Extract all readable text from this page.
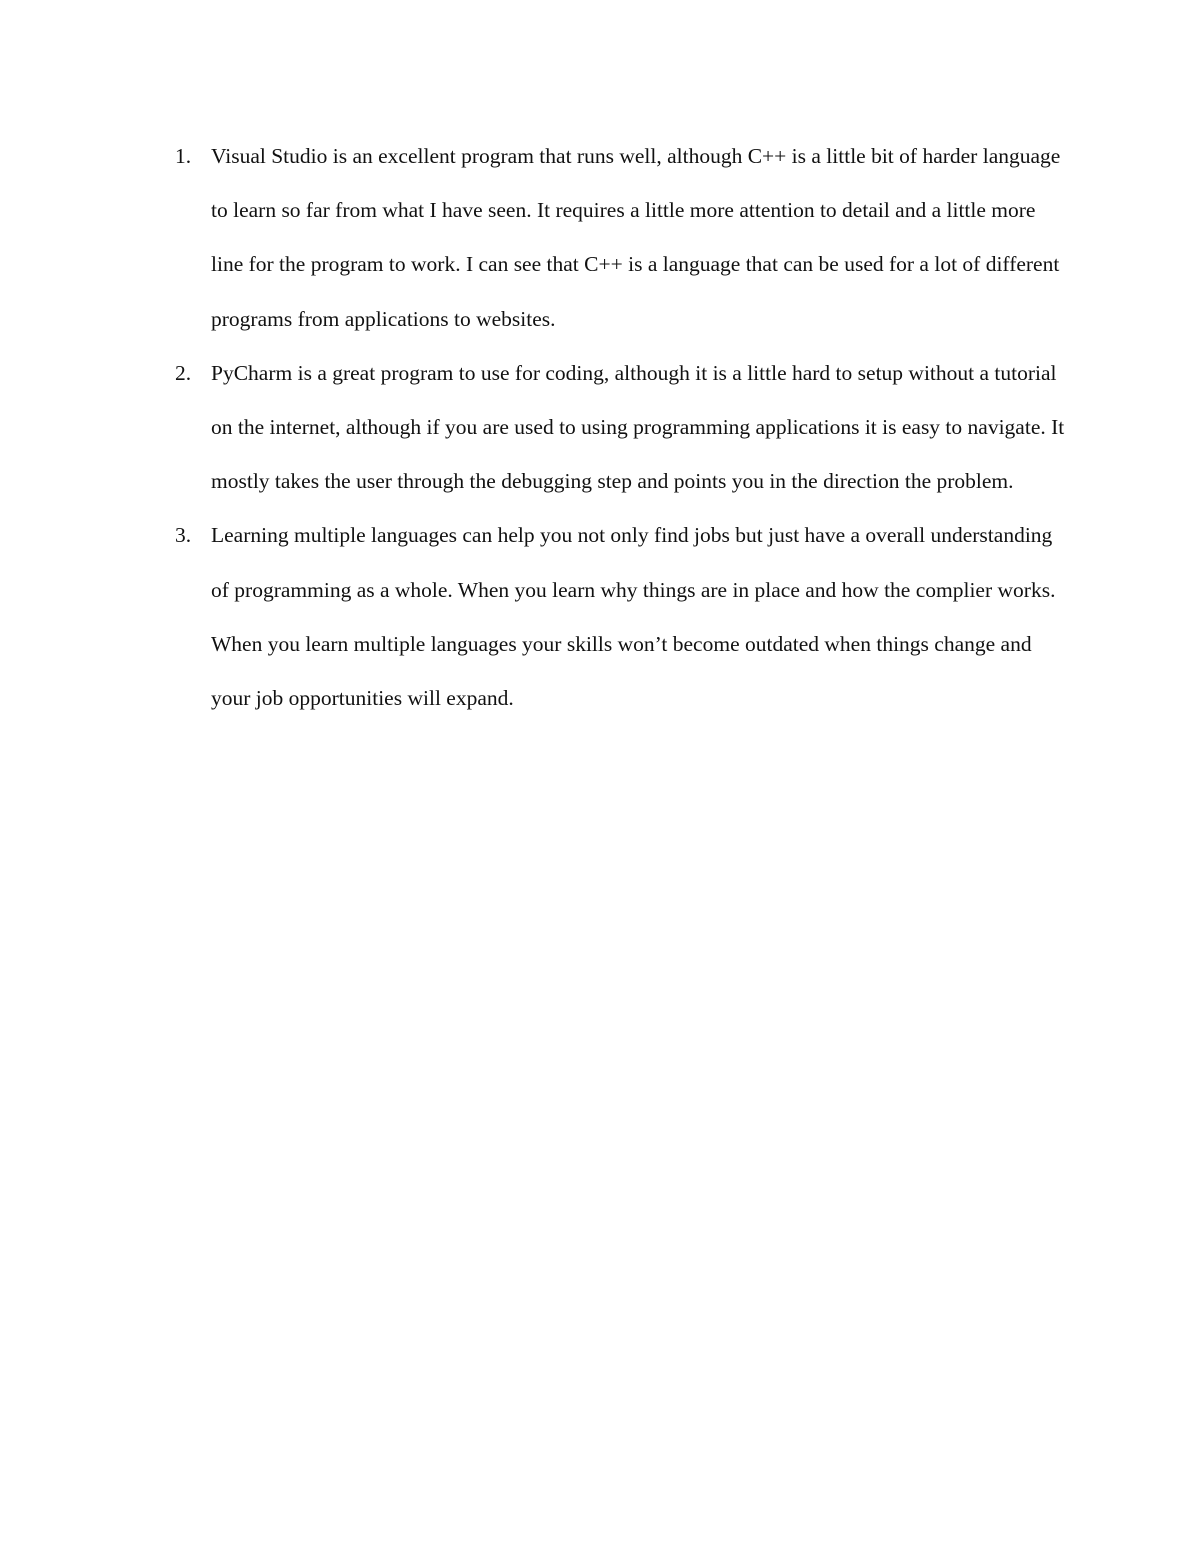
1. Visual Studio is an excellent program that runs well, although C++ is a little bit of harder language to learn so far from what I have seen. It requires a little more attention to detail and a little more line for the program to work. I can see that C++ is a language that can be used for a lot of different programs from applications to websites.
2. PyCharm is a great program to use for coding, although it is a little hard to setup without a tutorial on the internet, although if you are used to using programming applications it is easy to navigate. It mostly takes the user through the debugging step and points you in the direction the problem.
3. Learning multiple languages can help you not only find jobs but just have a overall understanding of programming as a whole. When you learn why things are in place and how the complier works. When you learn multiple languages your skills won’t become outdated when things change and your job opportunities will expand.
